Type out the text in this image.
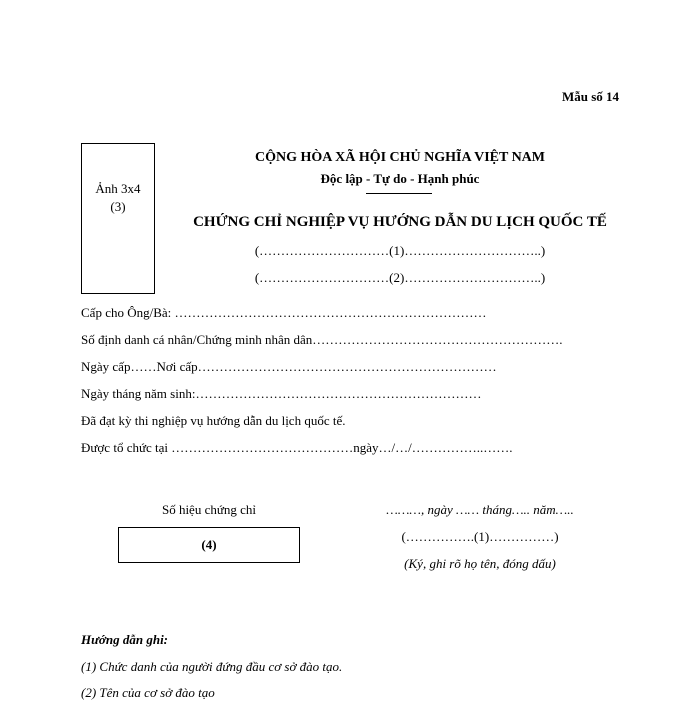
Mẫu số 14
Ảnh 3x4
(3)
CỘNG HÒA XÃ HỘI CHỦ NGHĨA VIỆT NAM
Độc lập - Tự do - Hạnh phúc
CHỨNG CHỈ NGHIỆP VỤ HƯỚNG DẪN DU LỊCH QUỐC TẾ
(…………………………(1)…………………………..)
(…………………………(2)…………………………..)
Cấp cho Ông/Bà: ………………………………………………………………
Số định danh cá nhân/Chứng minh nhân dân………………………………………………….
Ngày cấp……Nơi cấp……………………………………………………………
Ngày tháng năm sinh:…………………………………………………………
Đã đạt kỳ thi nghiệp vụ hướng dẫn du lịch quốc tế.
Được tổ chức tại ……………………………………ngày…/…/……………..…….
Số hiệu chứng chỉ
(4)
………, ngày …… tháng….. năm…..
(…………….(1)……………)
(Ký, ghi rõ họ tên, đóng dấu)
Hướng dẫn ghi:
(1) Chức danh của người đứng đầu cơ sở đào tạo.
(2) Tên của cơ sở đào tạo
